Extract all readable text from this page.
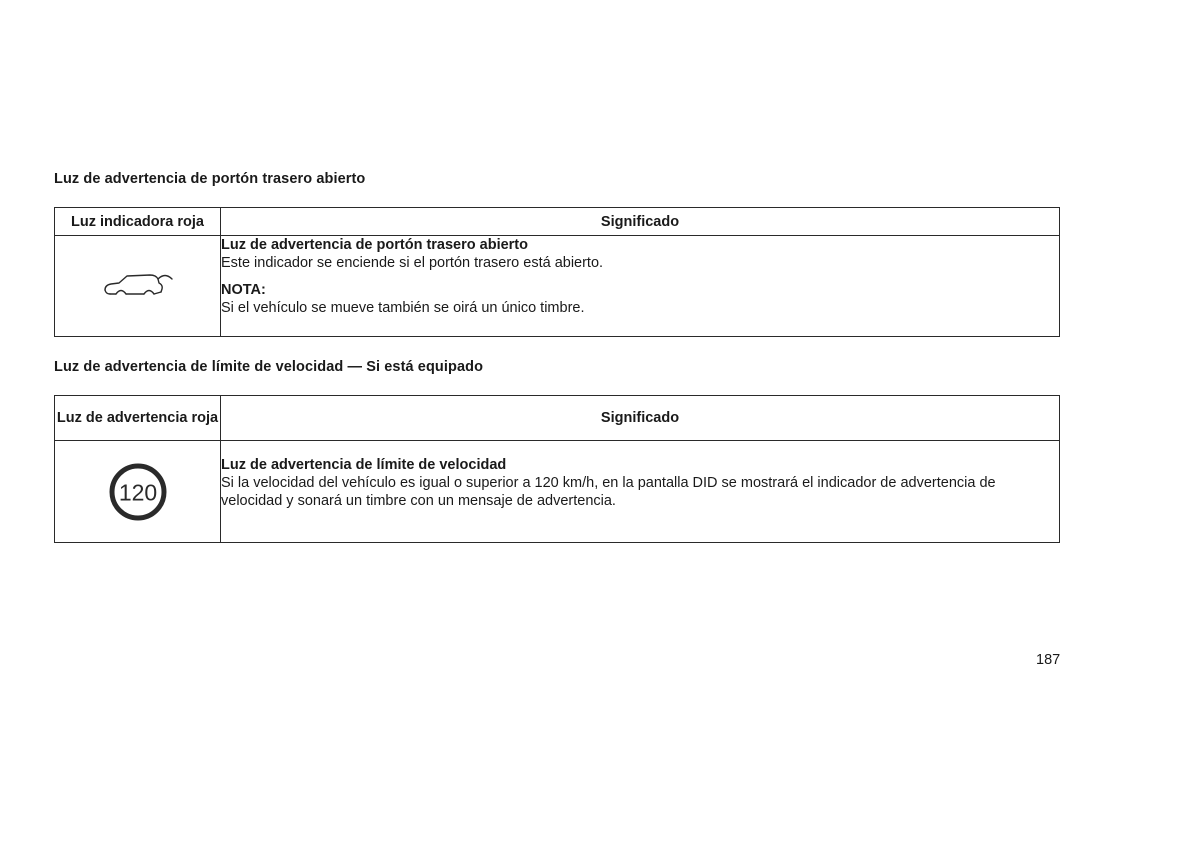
Luz de advertencia de portón trasero abierto
Luz indicadora roja	Significado

Luz de advertencia de portón trasero abierto
Este indicador se enciende si el portón trasero está abierto.
NOTA:
Si el vehículo se mueve también se oirá un único timbre.
Luz de advertencia de límite de velocidad — Si está equipado
Luz de advertencia roja	Significado

120	Luz de advertencia de límite de velocidad
Si la velocidad del vehículo es igual o superior a 120 km/h, en la pantalla DID se mostrará el indicador de advertencia de velocidad y sonará un timbre con un mensaje de advertencia.
187
